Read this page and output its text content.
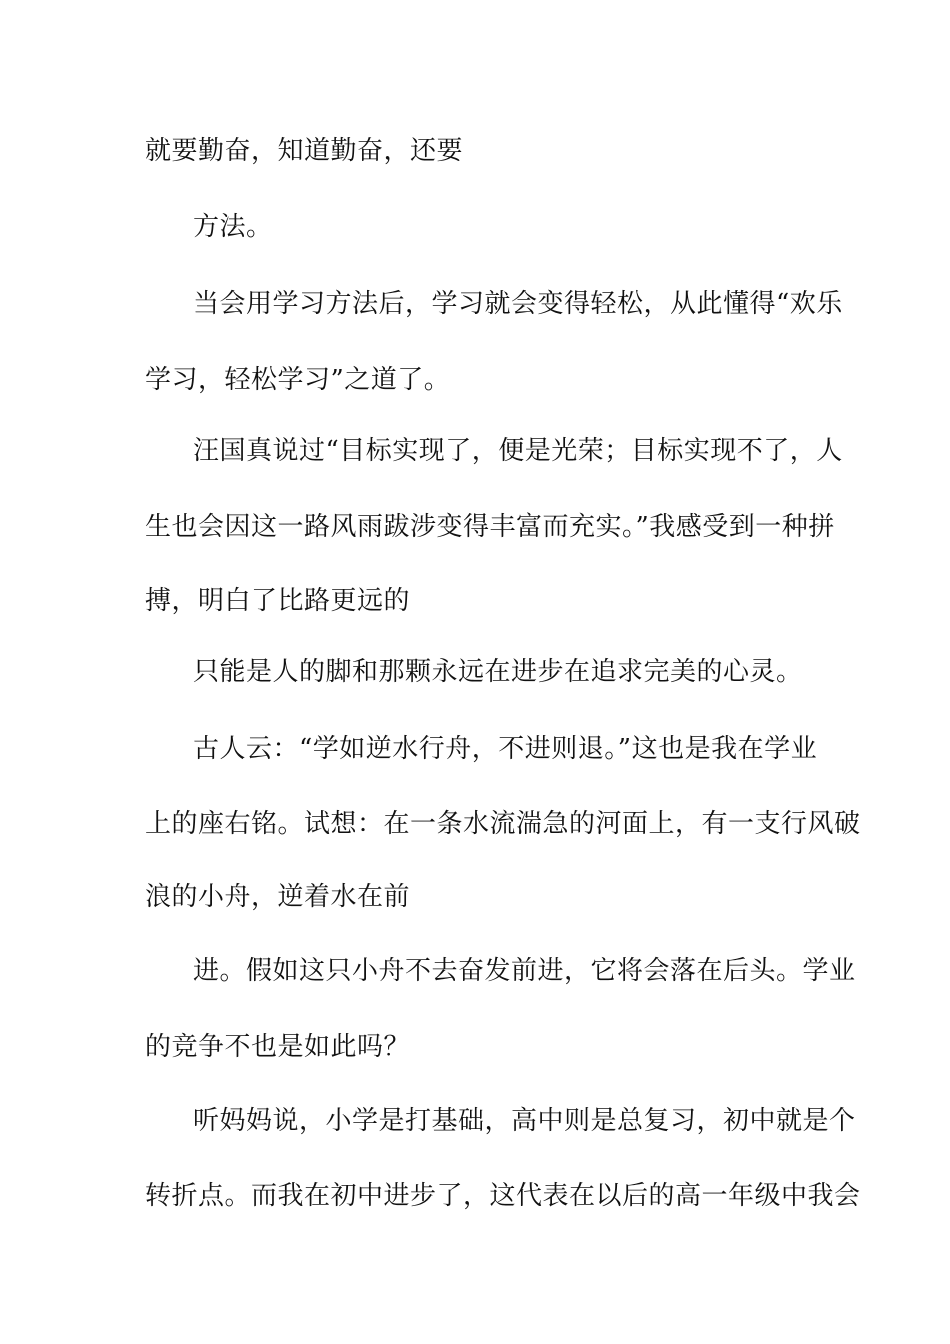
就要勤奋，知道勤奋，还要
方法。
当会用学习方法后，学习就会变得轻松，从此懂得“欢乐
学习，轻松学习”之道了。
汪国真说过“目标实现了，便是光荣；目标实现不了，人
生也会因这一路风雨跋涉变得丰富而充实。”我感受到一种拼
搏，明白了比路更远的
只能是人的脚和那颗永远在进步在追求完美的心灵。
古人云：“学如逆水行舟，不进则退。”这也是我在学业
上的座右铭。试想：在一条水流湍急的河面上，有一支行风破
浪的小舟，逆着水在前
进。假如这只小舟不去奋发前进，它将会落在后头。学业
的竞争不也是如此吗？
听妈妈说，小学是打基础，高中则是总复习，初中就是个
转折点。而我在初中进步了，这代表在以后的高一年级中我会
